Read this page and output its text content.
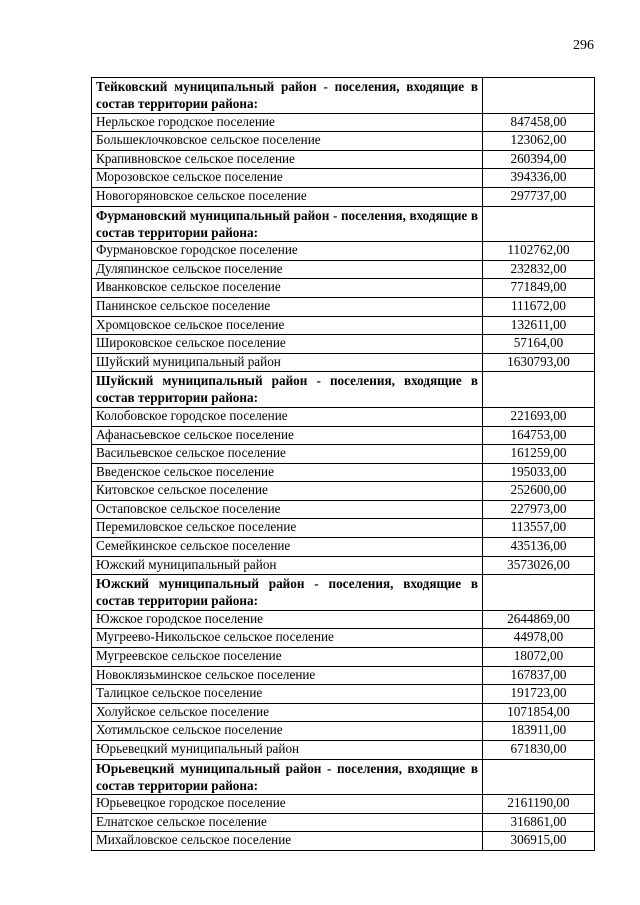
296
Тейковский муниципальный район - поселения, входящие в состав территории района:	
Нерльское городское поселение	847458,00
Большеклочковское сельское поселение	123062,00
Крапивновское сельское поселение	260394,00
Морозовское сельское поселение	394336,00
Новогоряновское сельское поселение	297737,00
Фурмановский муниципальный район - поселения, входящие в состав территории района:	
Фурмановское городское поселение	1102762,00
Дуляпинское сельское поселение	232832,00
Иванковское сельское поселение	771849,00
Панинское сельское поселение	111672,00
Хромцовское сельское поселение	132611,00
Широковское сельское поселение	57164,00
Шуйский муниципальный район	1630793,00
Шуйский муниципальный район - поселения, входящие в состав территории района:	
Колобовское городское поселение	221693,00
Афанасьевское сельское поселение	164753,00
Васильевское сельское поселение	161259,00
Введенское сельское поселение	195033,00
Китовское сельское поселение	252600,00
Остаповское сельское поселение	227973,00
Перемиловское сельское поселение	113557,00
Семейкинское сельское поселение	435136,00
Южский муниципальный район	3573026,00
Южский муниципальный район - поселения, входящие в состав территории района:	
Южское городское поселение	2644869,00
Мугреево-Никольское сельское поселение	44978,00
Мугреевское сельское поселение	18072,00
Новоклязьминское сельское поселение	167837,00
Талицкое сельское поселение	191723,00
Холуйское сельское поселение	1071854,00
Хотимльское сельское поселение	183911,00
Юрьевецкий муниципальный район	671830,00
Юрьевецкий муниципальный район - поселения, входящие в состав территории района:	
Юрьевецкое городское поселение	2161190,00
Елнатское сельское поселение	316861,00
Михайловское сельское поселение	306915,00
